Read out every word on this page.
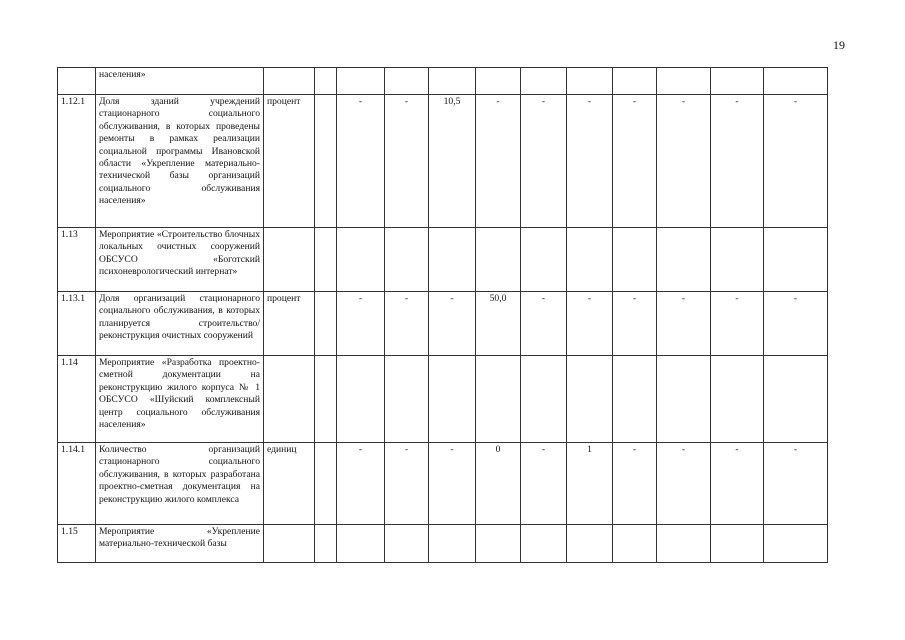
19
	населения»													
1.12.1	Доля зданий учреждений стационарного социального обслуживания, в которых проведены ремонты в рамках реализации социальной программы Ивановской области «Укрепление материально-технической базы организаций социального обслуживания населения»	процент		-	-	10,5	-	-	-	-	-	-	-	
1.13	Мероприятие «Строительство блочных локальных очистных сооружений ОБСУСО «Боготский психоневрологический интернат»													
1.13.1	Доля организаций стационарного социального обслуживания, в которых планируется строительство/реконструкция очистных сооружений	процент		-	-	-	50,0	-	-	-	-	-	-	
1.14	Мероприятие «Разработка проектно-сметной документации на реконструкцию жилого корпуса № 1 ОБСУСО «Шуйский комплексный центр социального обслуживания населения»													
1.14.1	Количество организаций стационарного социального обслуживания, в которых разработана проектно-сметная документация на реконструкцию жилого комплекса	единиц		-	-	-	0	-	1	-	-	-	-	
1.15	Мероприятие «Укрепление материально-технической базы													
